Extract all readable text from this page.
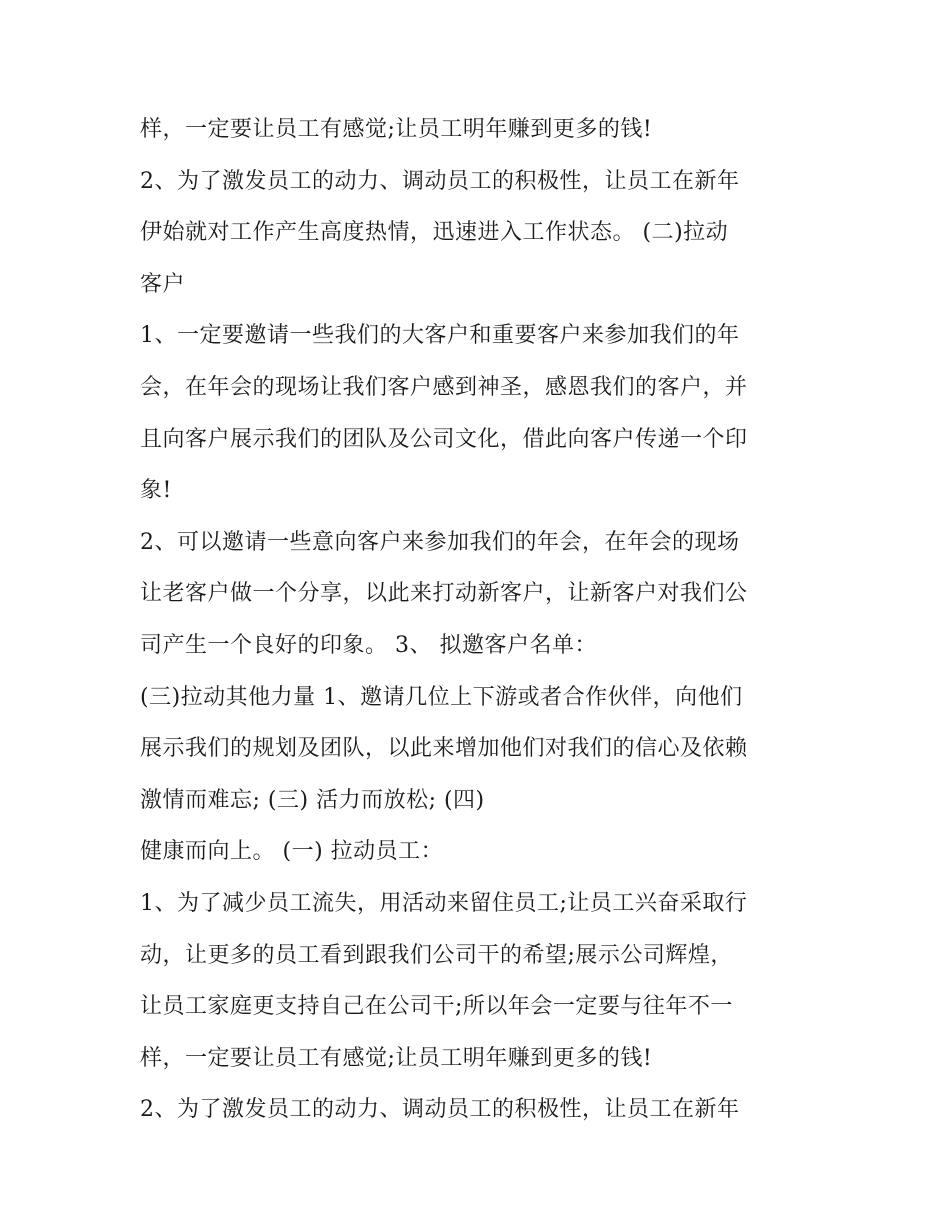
样，一定要让员工有感觉;让员工明年赚到更多的钱!
2、为了激发员工的动力、调动员工的积极性，让员工在新年
伊始就对工作产生高度热情，迅速进入工作状态。 (二)拉动
客户
1、一定要邀请一些我们的大客户和重要客户来参加我们的年
会，在年会的现场让我们客户感到神圣，感恩我们的客户，并
且向客户展示我们的团队及公司文化，借此向客户传递一个印
象!
2、可以邀请一些意向客户来参加我们的年会，在年会的现场
让老客户做一个分享，以此来打动新客户，让新客户对我们公
司产生一个良好的印象。 3、 拟邀客户名单：
(三)拉动其他力量 1、邀请几位上下游或者合作伙伴，向他们
展示我们的规划及团队，以此来增加他们对我们的信心及依赖
激情而难忘; (三) 活力而放松; (四)
健康而向上。 (一) 拉动员工：
1、为了减少员工流失，用活动来留住员工;让员工兴奋采取行
动，让更多的员工看到跟我们公司干的希望;展示公司辉煌，
让员工家庭更支持自己在公司干;所以年会一定要与往年不一
样，一定要让员工有感觉;让员工明年赚到更多的钱!
2、为了激发员工的动力、调动员工的积极性，让员工在新年
